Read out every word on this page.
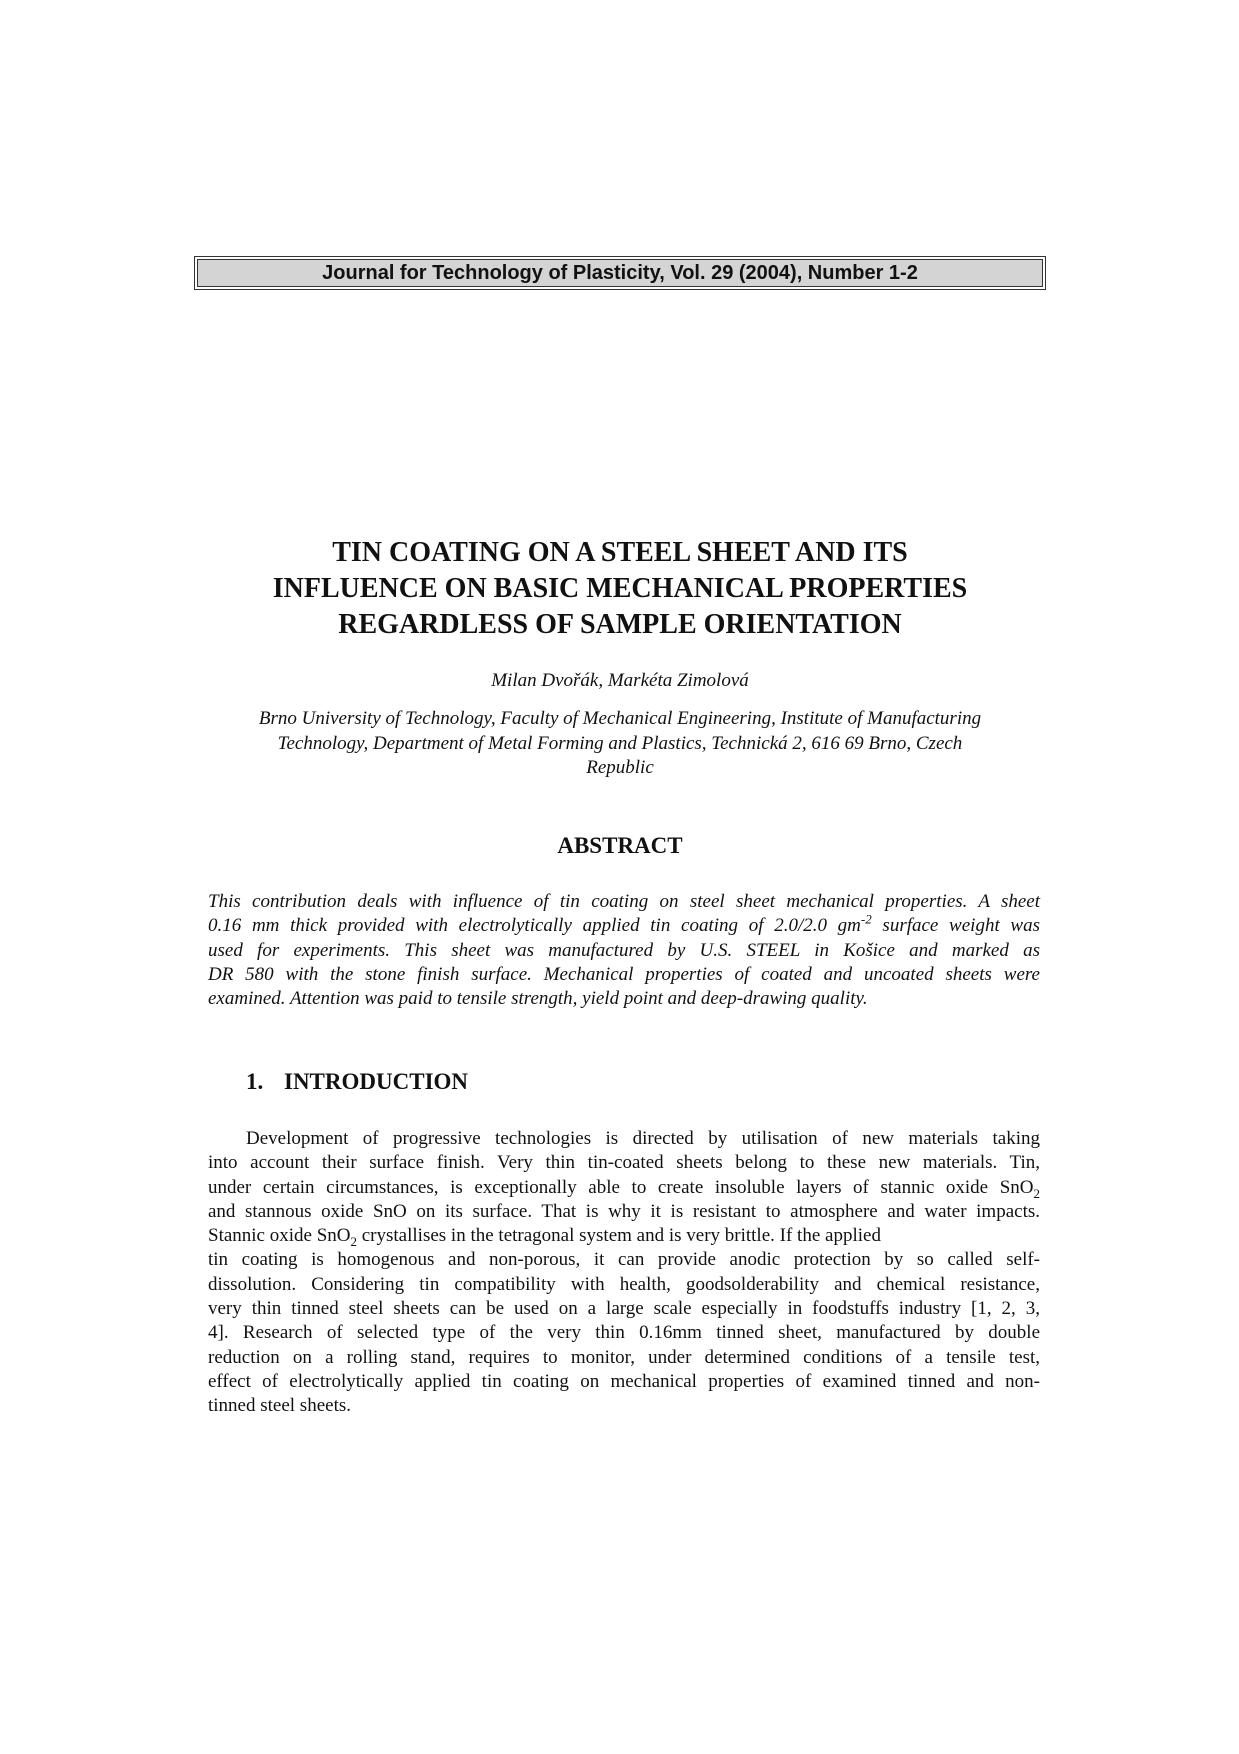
Journal for Technology of Plasticity, Vol. 29 (2004), Number 1-2
TIN COATING ON A STEEL SHEET AND ITS
INFLUENCE ON BASIC MECHANICAL PROPERTIES
REGARDLESS OF SAMPLE ORIENTATION
Milan Dvořák, Markéta Zimolová
Brno University of Technology, Faculty of Mechanical Engineering, Institute of Manufacturing
Technology, Department of Metal Forming and Plastics, Technická 2, 616 69 Brno, Czech
Republic
ABSTRACT
This contribution deals with influence of tin coating on steel sheet mechanical properties. A sheet
0.16 mm thick provided with electrolytically applied tin coating of 2.0/2.0 $gm^{-2}$ surface weight was
used for experiments. This sheet was manufactured by U.S. STEEL in Košice and marked as
DR 580 with the stone finish surface. Mechanical properties of coated and uncoated sheets were
examined. Attention was paid to tensile strength, yield point and deep-drawing quality.
1. INTRODUCTION
Development of progressive technologies is directed by utilisation of new materials taking
into account their surface finish. Very thin tin-coated sheets belong to these new materials. Tin,
under certain circumstances, is exceptionally able to create insoluble layers of stannic oxide SnO$_2$
and stannous oxide SnO on its surface. That is why it is resistant to atmosphere and water impacts.
Stannic oxide SnO$_2$ crystallises in the tetragonal system and is very brittle. If the applied
tin coating is homogenous and non-porous, it can provide anodic protection by so called self-
dissolution. Considering tin compatibility with health, goodsolderability and chemical resistance,
very thin tinned steel sheets can be used on a large scale especially in foodstuffs industry [1, 2, 3,
4]. Research of selected type of the very thin 0.16mm tinned sheet, manufactured by double
reduction on a rolling stand, requires to monitor, under determined conditions of a tensile test,
effect of electrolytically applied tin coating on mechanical properties of examined tinned and non-
tinned steel sheets.
